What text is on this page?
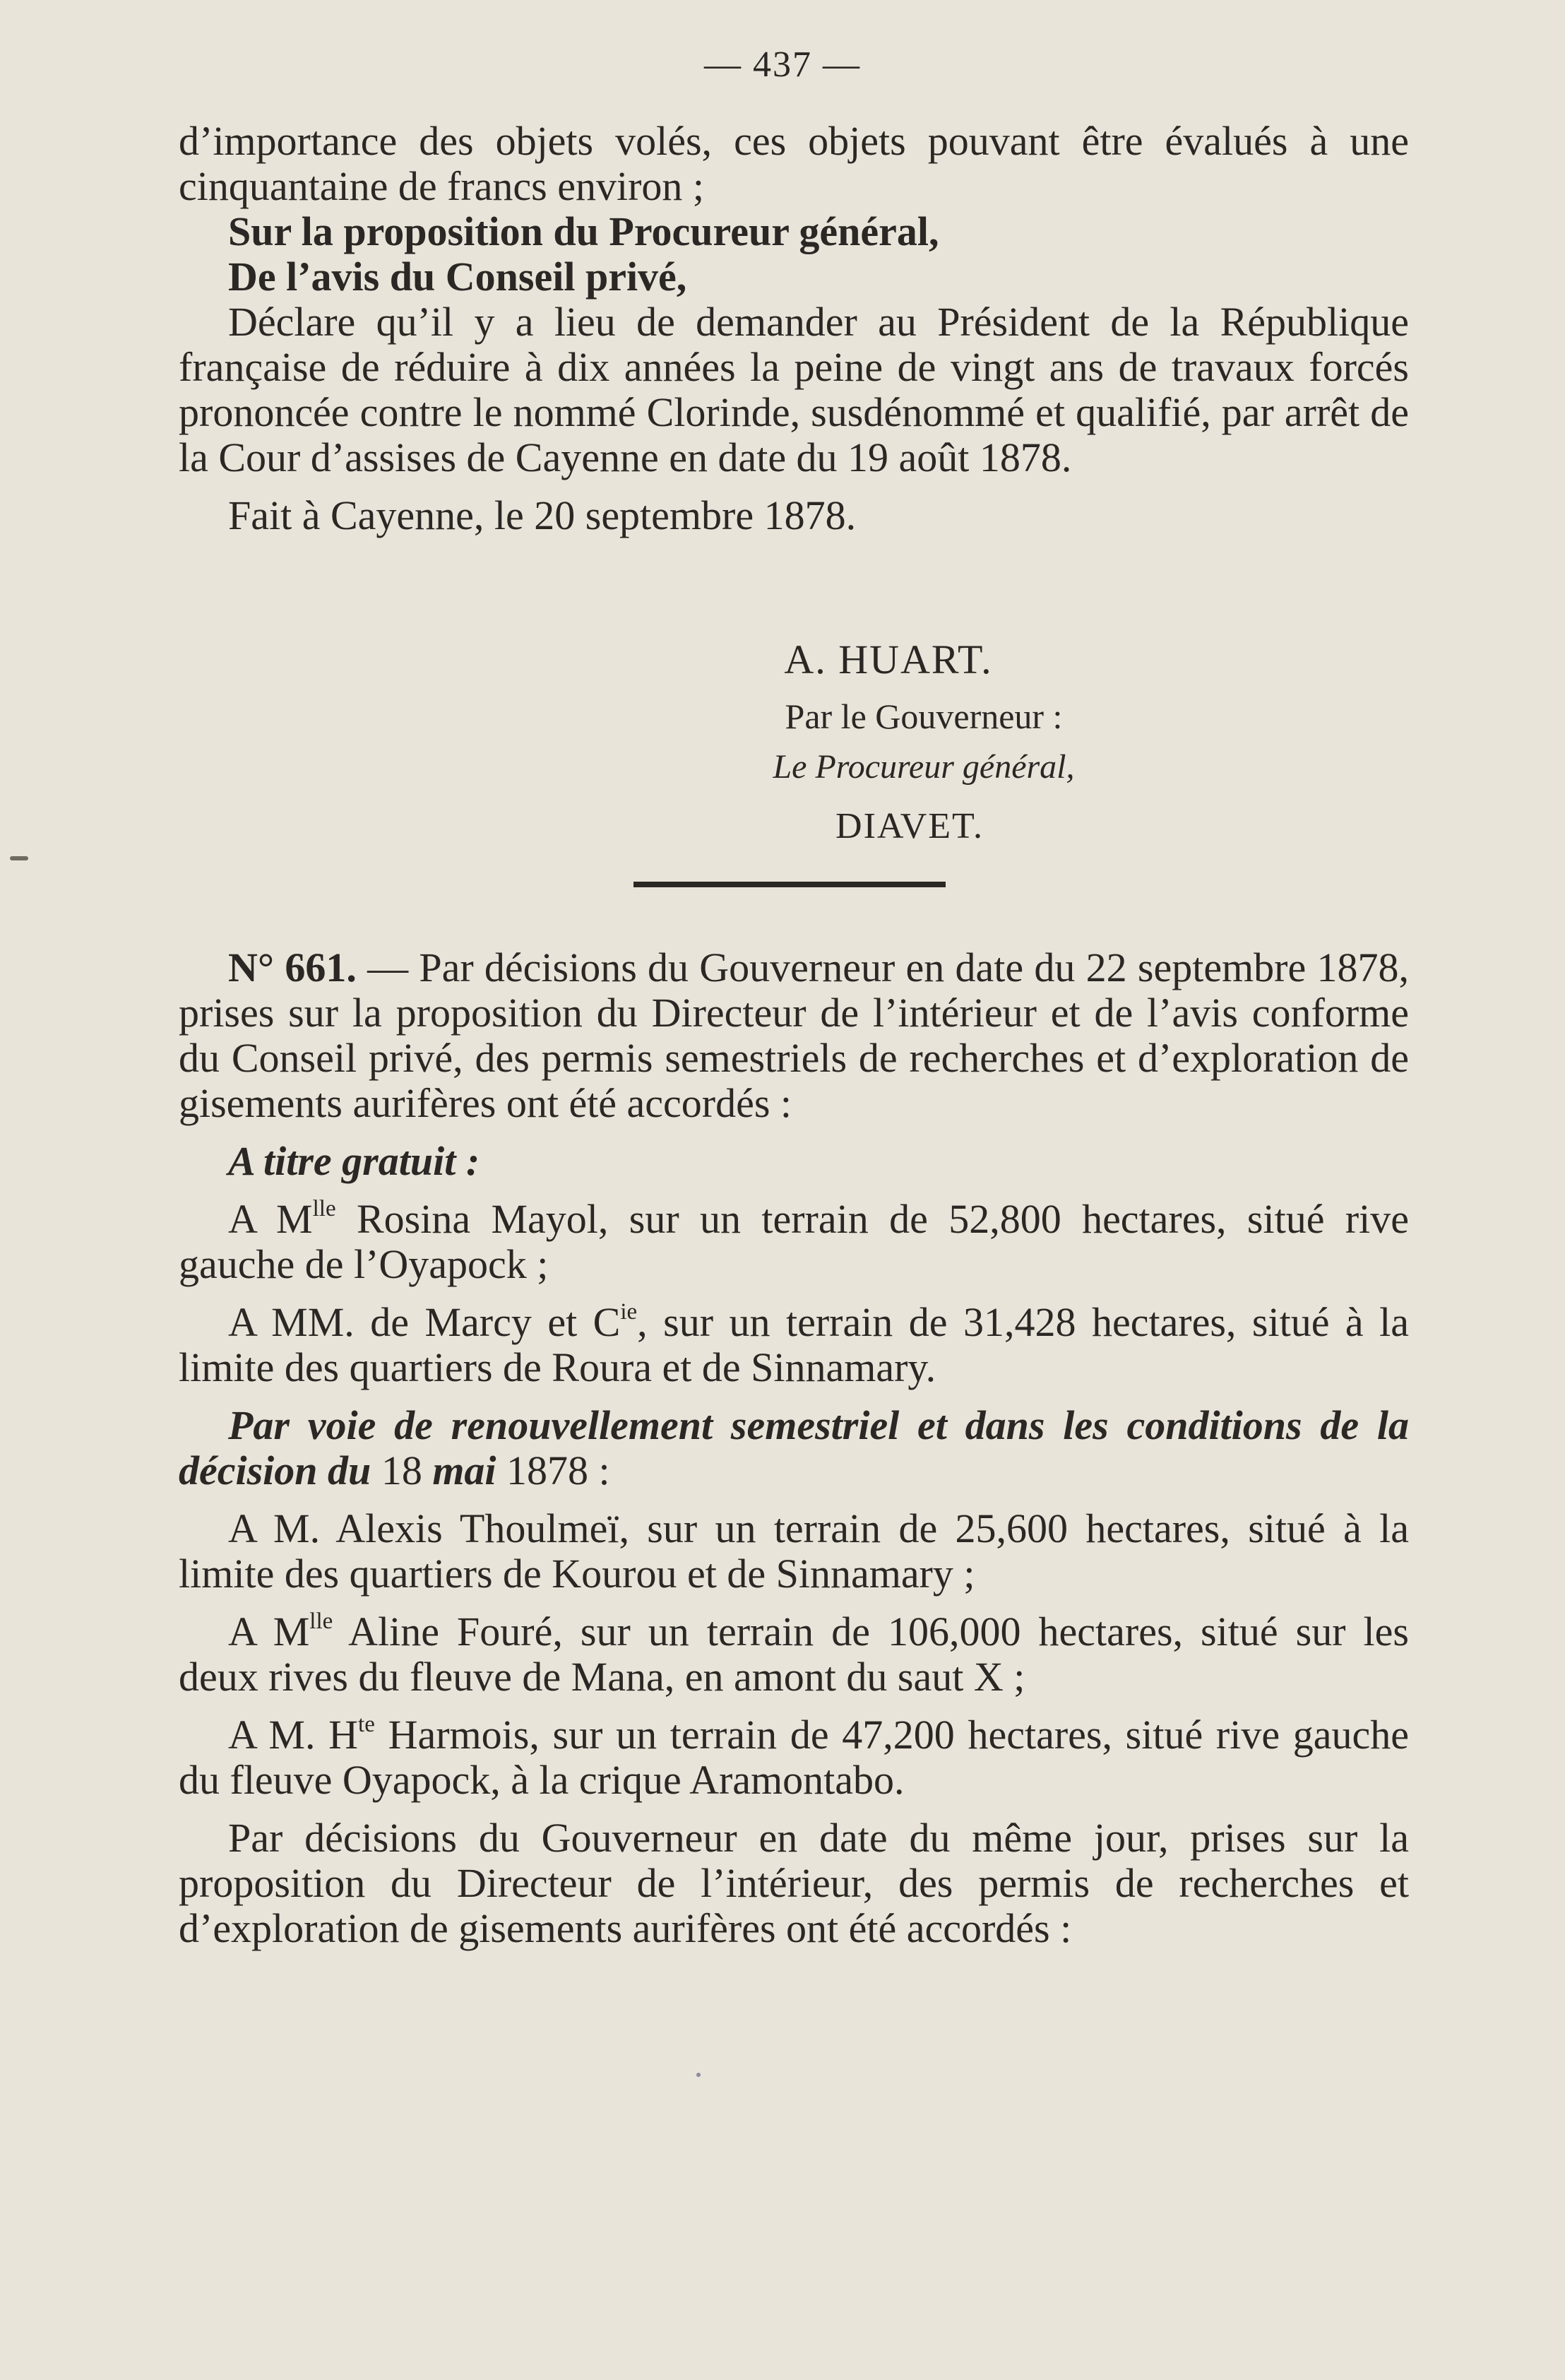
— 437 —

d’importance des objets volés, ces objets pouvant être évalués à une cinquantaine de francs environ ;

Sur la proposition du Procureur général,

De l’avis du Conseil privé,

Déclare qu’il y a lieu de demander au Président de la République française de réduire à dix années la peine de vingt ans de travaux forcés prononcée contre le nommé Clorinde, susdénommé et qualifié, par arrêt de la Cour d’assises de Cayenne en date du 19 août 1878.

Fait à Cayenne, le 20 septembre 1878.

A. HUART.
Par le Gouverneur :
Le Procureur général,
DIAVET.

N° 661. — Par décisions du Gouverneur en date du 22 septembre 1878, prises sur la proposition du Directeur de l’intérieur et de l’avis conforme du Conseil privé, des permis semestriels de recherches et d’exploration de gisements aurifères ont été accordés :

A titre gratuit :

A $M^{lle}$ Rosina Mayol, sur un terrain de 52,800 hectares, situé rive gauche de l’Oyapock ;

A MM. de Marcy et $C^{ie}$, sur un terrain de 31,428 hectares, situé à la limite des quartiers de Roura et de Sinnamary.

Par voie de renouvellement semestriel et dans les conditions de la décision du 18 mai 1878 :

A M. Alexis Thoulmeï, sur un terrain de 25,600 hectares, situé à la limite des quartiers de Kourou et de Sinnamary ;

A $M^{lle}$ Aline Fouré, sur un terrain de 106,000 hectares, situé sur les deux rives du fleuve de Mana, en amont du saut X ;

A M. $H^{te}$ Harmois, sur un terrain de 47,200 hectares, situé rive gauche du fleuve Oyapock, à la crique Aramontabo.

Par décisions du Gouverneur en date du même jour, prises sur la proposition du Directeur de l’intérieur, des permis de recherches et d’exploration de gisements aurifères ont été accordés :
